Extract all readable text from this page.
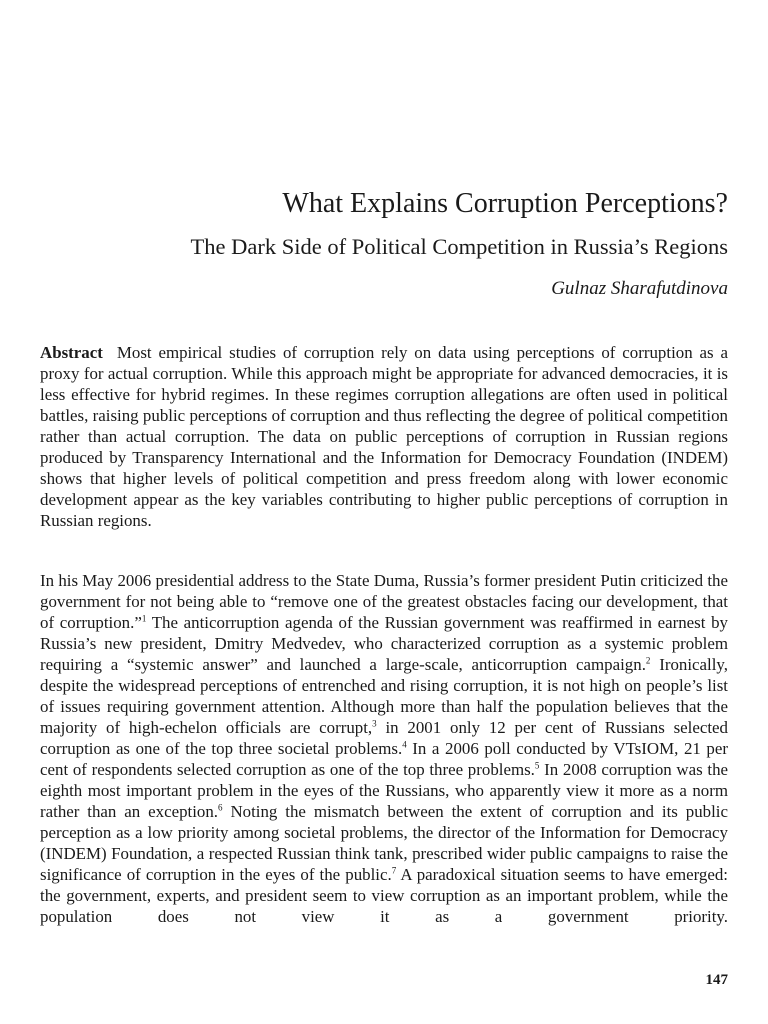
What Explains Corruption Perceptions?
The Dark Side of Political Competition in Russia’s Regions

Gulnaz Sharafutdinova

Abstract Most empirical studies of corruption rely on data using perceptions of corruption as a proxy for actual corruption. While this approach might be appropriate for advanced democracies, it is less effective for hybrid regimes. In these regimes corruption allegations are often used in political battles, raising public perceptions of corruption and thus reflecting the degree of political competition rather than actual corruption. The data on public perceptions of corruption in Russian regions produced by Transparency International and the Information for Democracy Foundation (INDEM) shows that higher levels of political competition and press freedom along with lower economic development appear as the key variables contributing to higher public perceptions of corruption in Russian regions.

In his May 2006 presidential address to the State Duma, Russia’s former president Putin criticized the government for not being able to “remove one of the greatest obstacles facing our development, that of corruption.”$^1$ The anticorruption agenda of the Russian government was reaffirmed in earnest by Russia’s new president, Dmitry Medvedev, who characterized corruption as a systemic problem requiring a “systemic answer” and launched a large-scale, anticorruption campaign.$^2$ Ironically, despite the widespread perceptions of entrenched and rising corruption, it is not high on people’s list of issues requiring government attention. Although more than half the population believes that the majority of high-echelon officials are corrupt,$^3$ in 2001 only 12 per cent of Russians selected corruption as one of the top three societal problems.$^4$ In a 2006 poll conducted by VTsIOM, 21 per cent of respondents selected corruption as one of the top three problems.$^5$ In 2008 corruption was the eighth most important problem in the eyes of the Russians, who apparently view it more as a norm rather than an exception.$^6$ Noting the mismatch between the extent of corruption and its public perception as a low priority among societal problems, the director of the Information for Democracy (INDEM) Foundation, a respected Russian think tank, prescribed wider public campaigns to raise the significance of corruption in the eyes of the public.$^7$ A paradoxical situation seems to have emerged: the government, experts, and president seem to view corruption as an important problem, while the population does not view it as a government priority.

147
